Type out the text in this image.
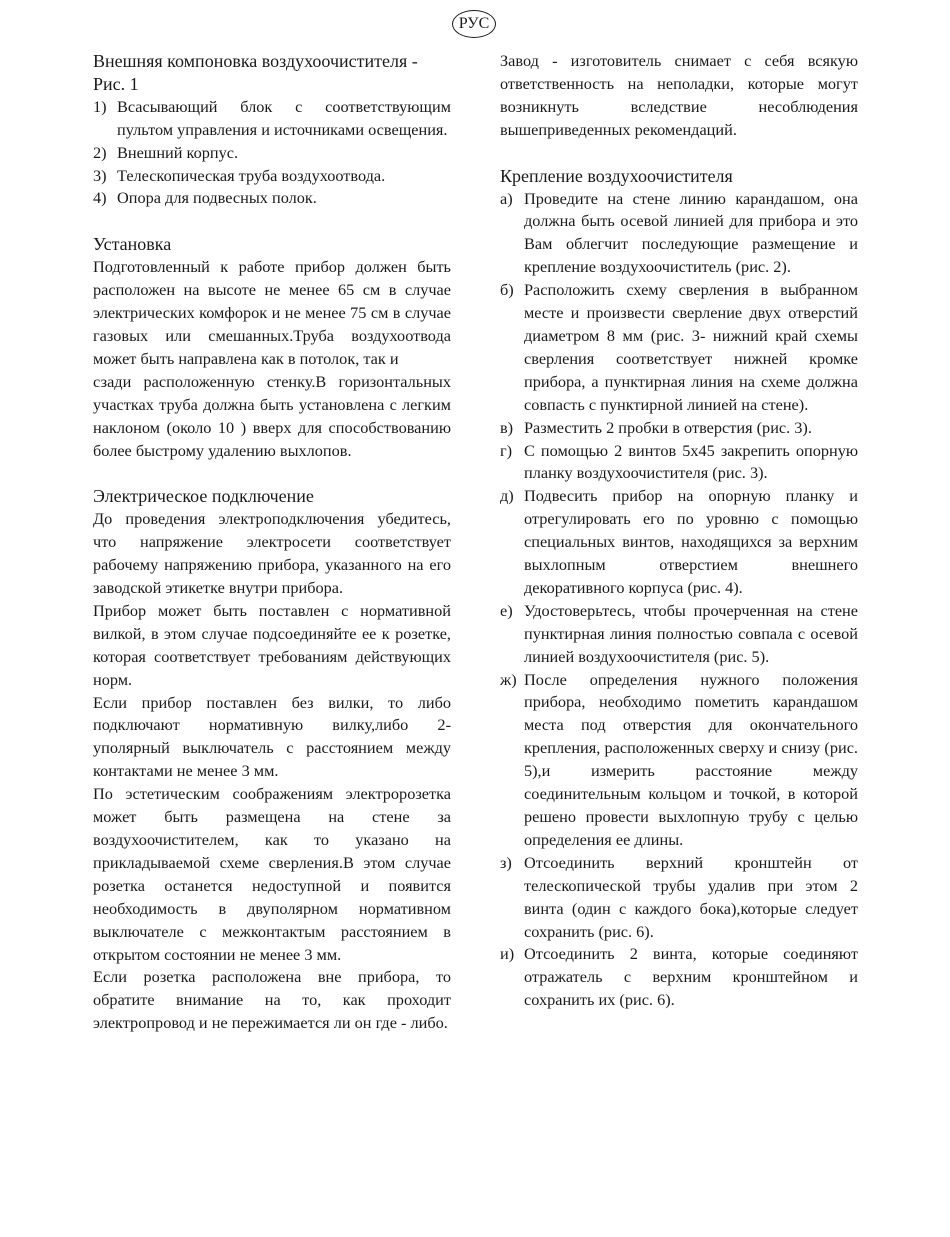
РУС
Внешняя компоновка воздухоочистителя - Рис. 1
1) Всасывающий блок с соответствующим пультом управления и источниками освещения.
2) Внешний корпус.
3) Телескопическая труба воздухоотвода.
4) Опора для подвесных полок.
Установка

Подготовленный к работе прибор должен быть расположен на высоте не менее 65 см в случае электрических комфорок и не менее 75 см в случае газовых или смешанных.Труба воздухоотвода может быть направлена как в потолок, так и

сзади расположенную стенку.В горизонтальных участках труба должна быть установлена с легким наклоном (около 10 ) вверх для способствованию более быстрому удалению выхлопов.

Электрическое подключение

До проведения электроподключения убедитесь, что напряжение электросети соответствует рабочему напряжению прибора, указанного на его заводской этикетке внутри прибора.

Прибор может быть поставлен с нормативной вилкой, в этом случае подсоединяйте ее к розетке, которая соответствует требованиям действующих норм.

Если прибор поставлен без вилки, то либо подключают нормативную вилку,либо 2-уполярный выключатель с расстоянием между контактами не менее 3 мм.

По эстетическим соображениям электророзетка может быть размещена на стене за воздухоочистителем, как то указано на прикладываемой схеме сверления.В этом случае розетка останется недоступной и появится необходимость в двуполярном нормативном выключателе с межконтактым расстоянием в открытом состоянии не менее 3 мм.

Если розетка расположена вне прибора, то обратите внимание на то, как проходит электропровод и не пережимается ли он где - либо.

Завод - изготовитель снимает с себя всякую ответственность на неполадки, которые могут возникнуть вследствие несоблюдения вышеприведенных рекомендаций.

Крепление воздухоочистителя
а) Проведите на стене линию карандашом, она должна быть осевой линией для прибора и это Вам облегчит последующие размещение и крепление воздухоочиститель (рис. 2).
б) Расположить схему сверления в выбранном месте и произвести сверление двух отверстий диаметром 8 мм (рис. 3- нижний край схемы сверления соответствует нижней кромке прибора, а пунктирная линия на схеме должна совпасть с пунктирной линией на стене).
в) Разместить 2 пробки в отверстия (рис. 3).
г) С помощью 2 винтов 5х45 закрепить опорную планку воздухоочистителя (рис. 3).
д) Подвесить прибор на опорную планку и отрегулировать его по уровню с помощью специальных винтов, находящихся за верхним выхлопным отверстием внешнего декоративного корпуса (рис. 4).
е) Удостоверьтесь, чтобы прочерченная на стене пунктирная линия полностью совпала с осевой линией воздухоочистителя (рис. 5).
ж) После определения нужного положения прибора, необходимо пометить карандашом места под отверстия для окончательного крепления, расположенных сверху и снизу (рис. 5),и измерить расстояние между соединительным кольцом и точкой, в которой решено провести выхлопную трубу с целью определения ее длины.
з) Отсоединить верхний кронштейн от телескопической трубы удалив при этом 2 винта (один с каждого бока),которые следует сохранить (рис. 6).
и) Отсоединить 2 винта, которые соединяют отражатель с верхним кронштейном и сохранить их (рис. 6).
